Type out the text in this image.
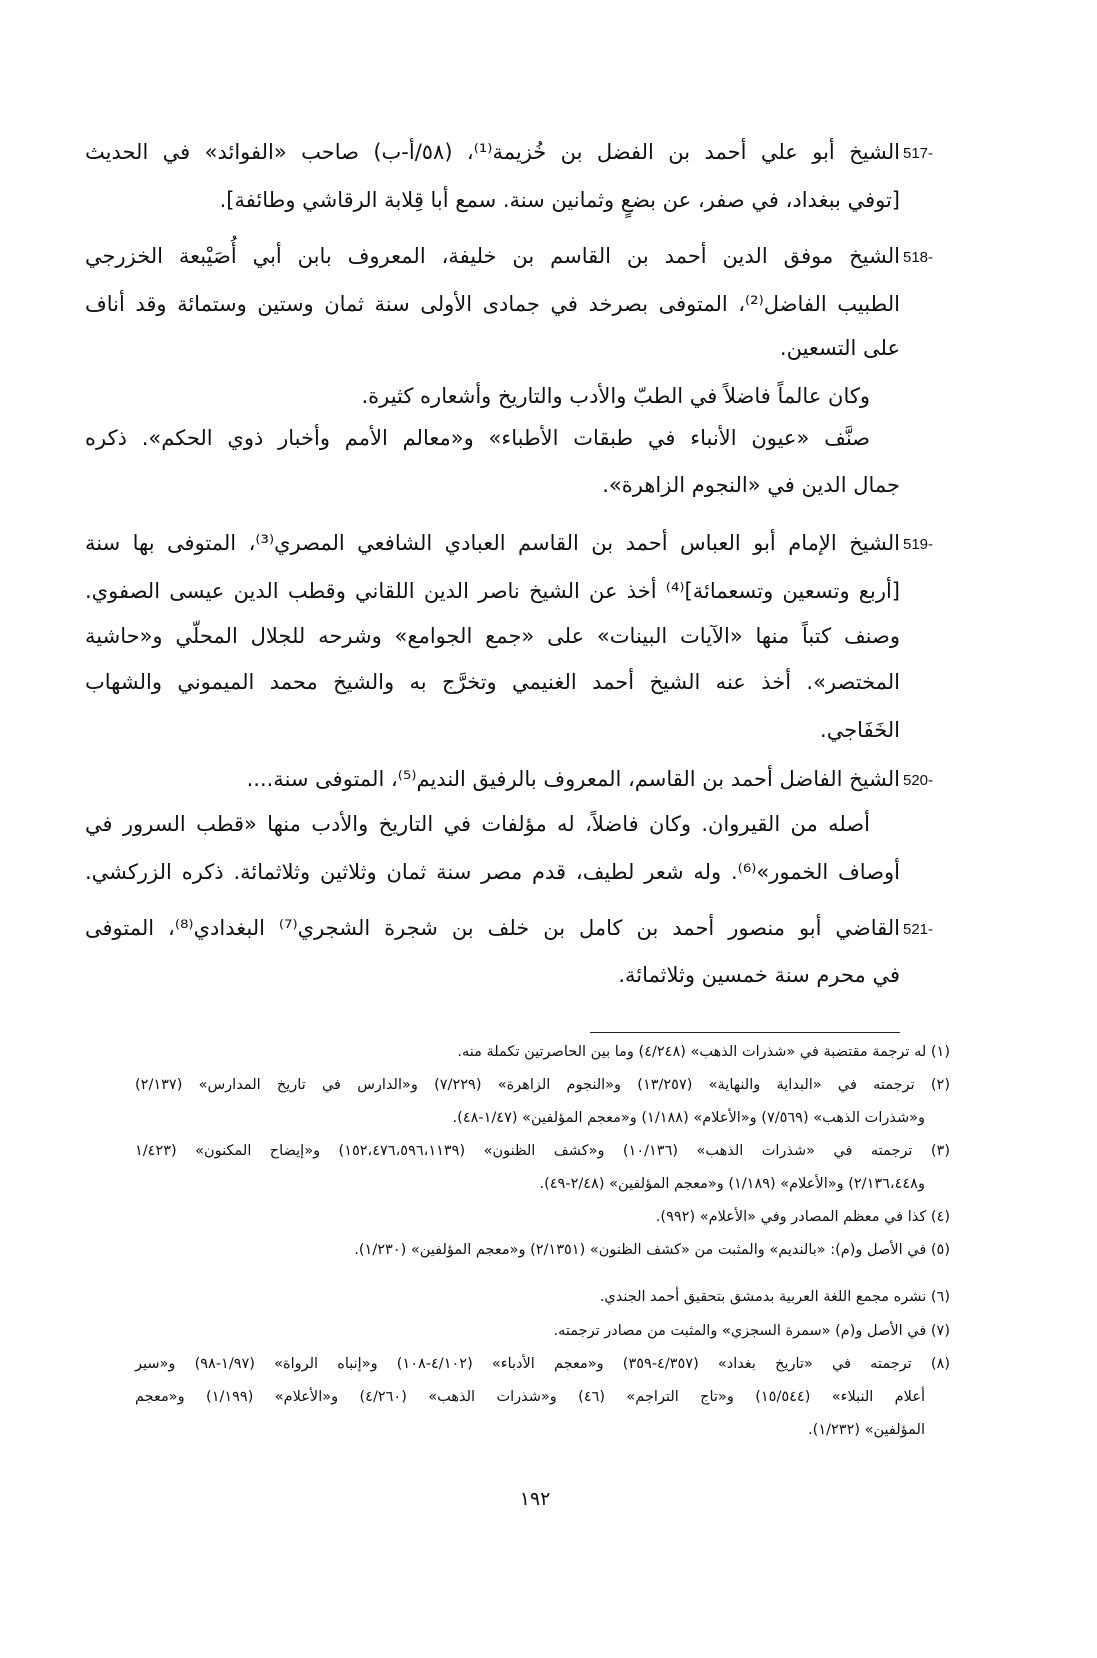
517-
الشيخ أبو علي أحمد بن الفضل بن خُزيمة⁽¹⁾، (٥٨/أ-ب) صاحب «الفوائد» في الحديث
[توفي ببغداد، في صفر، عن بضعٍ وثمانين سنة. سمع أبا قِلابة الرقاشي وطائفة].
518-
الشيخ موفق الدين أحمد بن القاسم بن خليفة، المعروف بابن أبي أُصَيْبعة الخزرجي
الطبيب الفاضل⁽²⁾، المتوفى بصرخد في جمادى الأولى سنة ثمان وستين وستمائة وقد أناف
على التسعين.
وكان عالماً فاضلاً في الطبّ والأدب والتاريخ وأشعاره كثيرة.
صنَّف «عيون الأنباء في طبقات الأطباء» و«معالم الأمم وأخبار ذوي الحكم». ذكره
جمال الدين في «النجوم الزاهرة».
519-
الشيخ الإمام أبو العباس أحمد بن القاسم العبادي الشافعي المصري⁽³⁾، المتوفى بها سنة
[أربع وتسعين وتسعمائة]⁽⁴⁾ أخذ عن الشيخ ناصر الدين اللقاني وقطب الدين عيسى الصفوي.
وصنف كتباً منها «الآيات البينات» على «جمع الجوامع» وشرحه للجلال المحلّي و«حاشية
المختصر». أخذ عنه الشيخ أحمد الغنيمي وتخرَّج به والشيخ محمد الميموني والشهاب
الخَفَاجي.
520-
الشيخ الفاضل أحمد بن القاسم، المعروف بالرفيق النديم⁽⁵⁾، المتوفى سنة....
أصله من القيروان. وكان فاضلاً، له مؤلفات في التاريخ والأدب منها «قطب السرور في
أوصاف الخمور»⁽⁶⁾. وله شعر لطيف، قدم مصر سنة ثمان وثلاثين وثلاثمائة. ذكره الزركشي.
521-
القاضي أبو منصور أحمد بن كامل بن خلف بن شجرة الشجري⁽⁷⁾ البغدادي⁽⁸⁾، المتوفى
في محرم سنة خمسين وثلاثمائة.
(١) له ترجمة مقتضبة في «شذرات الذهب» (٤/٢٤٨) وما بين الحاصرتين تكملة منه.
(٢) ترجمته في «البداية والنهاية» (١٣/٢٥٧) و«النجوم الزاهرة» (٧/٢٢٩) و«الدارس في تاريخ المدارس» (٢/١٣٧)
و«شذرات الذهب» (٧/٥٦٩) و«الأعلام» (١/١٨٨) و«معجم المؤلفين» (١/٤٧-٤٨).
(٣) ترجمته في «شذرات الذهب» (١٠/١٣٦) و«كشف الظنون» (١٥٢،٤٧٦،٥٩٦،١١٣٩) و«إيضاح المكنون» (١/٤٢٣
و٢/١٣٦،٤٤٨) و«الأعلام» (١/١٨٩) و«معجم المؤلفين» (٢/٤٨-٤٩).
(٤) كذا في معظم المصادر وفي «الأعلام» (٩٩٢).
(٥) في الأصل و(م): «بالنديم» والمثبت من «كشف الظنون» (٢/١٣٥١) و«معجم المؤلفين» (١/٢٣٠).
(٦) نشره مجمع اللغة العربية بدمشق بتحقيق أحمد الجندي.
(٧) في الأصل و(م) «سمرة السجزي» والمثبت من مصادر ترجمته.
(٨) ترجمته في «تاريخ بغداد» (٤/٣٥٧-٣٥٩) و«معجم الأدباء» (٤/١٠٢-١٠٨) و«إنباه الرواة» (١/٩٧-٩٨) و«سير
أعلام النبلاء» (١٥/٥٤٤) و«تاج التراجم» (٤٦) و«شذرات الذهب» (٤/٢٦٠) و«الأعلام» (١/١٩٩) و«معجم
المؤلفين» (١/٢٣٢).
١٩٢
